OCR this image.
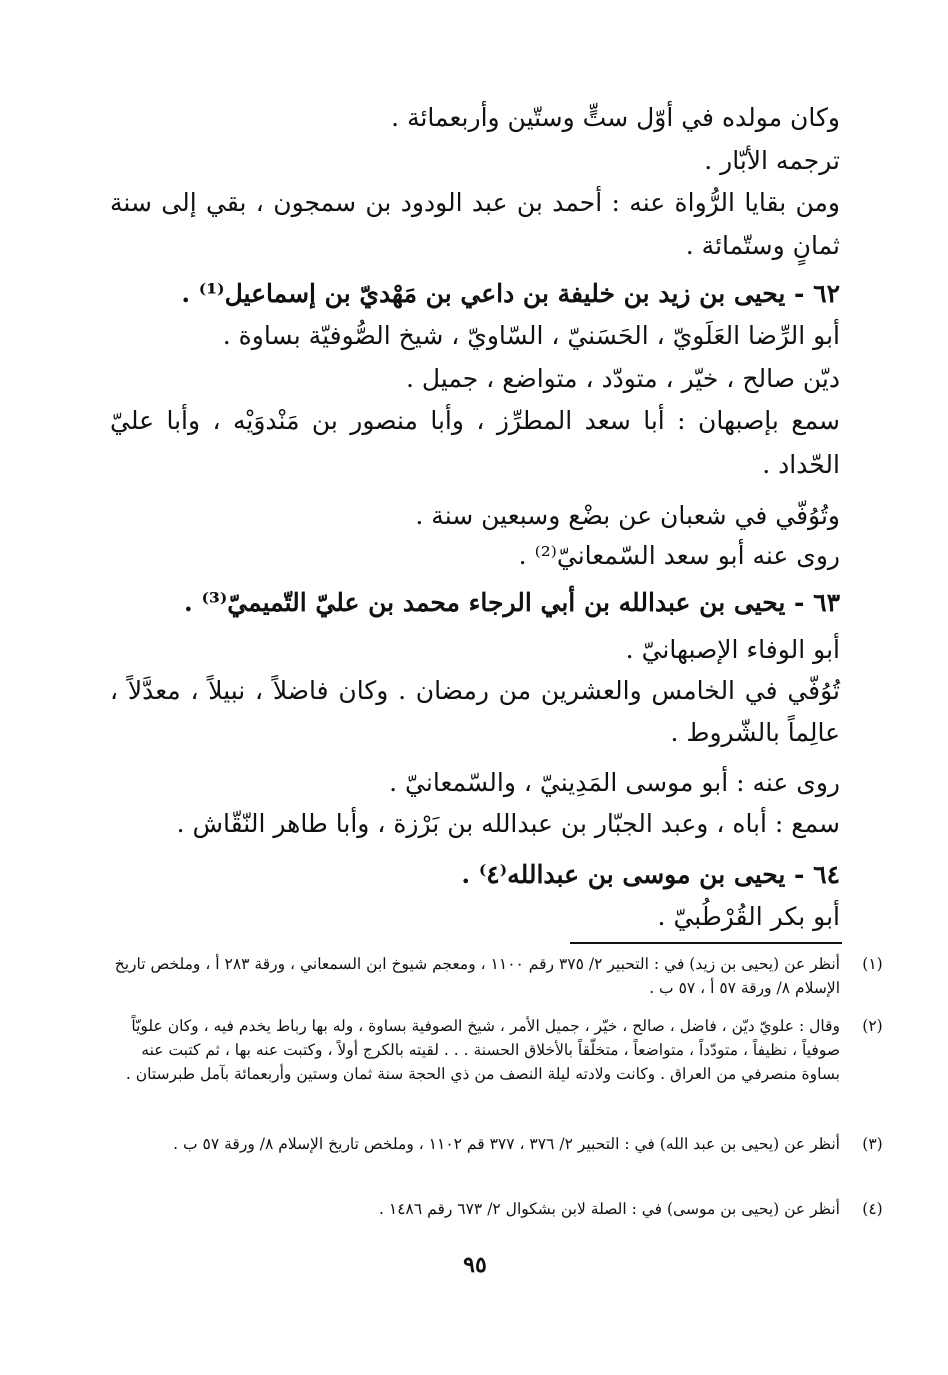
وكان مولده في أوّل ستٍّ وستّين وأربعمائة .
ترجمه الأبّار .
ومن بقايا الرُّواة عنه : أحمد بن عبد الودود بن سمجون ، بقي إلى سنة
ثمانٍ وستّمائة .
٦٢ - يحيى بن زيد بن خليفة بن داعي بن مَهْديّ بن إسماعيل⁽¹⁾ .
أبو الرِّضا العَلَويّ ، الحَسَنيّ ، السّاويّ ، شيخ الصُّوفيّة بساوة .
ديّن صالح ، خيّر ، متودّد ، متواضع ، جميل .
سمع بإصبهان : أبا سعد المطرِّز ، وأبا منصور بن مَنْدوَيْه ، وأبا عليّ
الحّداد .
وتُوُفّي في شعبان عن بضْع وسبعين سنة .
روى عنه أبو سعد السّمعانيّ⁽²⁾ .
٦٣ - يحيى بن عبدالله بن أبي الرجاء محمد بن عليّ التّميميّ⁽³⁾ .
أبو الوفاء الإصبهانيّ .
تُوُفّي في الخامس والعشرين من رمضان . وكان فاضلاً ، نبيلاً ، معدَّلاً ،
عالِماً بالشّروط .
روى عنه : أبو موسى المَدِينيّ ، والسّمعانيّ .
سمع : أباه ، وعبد الجبّار بن عبدالله بن بَرْزة ، وأبا طاهر النّقّاش .
٦٤ - يحيى بن موسى بن عبدالله⁽٤⁾ .
أبو بكر القُرْطُبيّ .
(١)
أنظر عن (يحيى بن زيد) في : التحبير ٢/ ٣٧٥ رقم ١١٠٠ ، ومعجم شيوخ ابن السمعاني ، ورقة ٢٨٣ أ ، وملخص تاريخ الإسلام ٨/ ورقة ٥٧ أ ، ٥٧ ب .
(٢)
وقال : علويّ ديّن ، فاضل ، صالح ، خيّر ، جميل الأمر ، شيخ الصوفية بساوة ، وله بها رباط يخدم فيه ، وكان علويّاً صوفياً ، نظيفاً ، متودّداً ، متواضعاً ، متخلّقاً بالأخلاق الحسنة . . . لقيته بالكرج أولاً ، وكتبت عنه بها ، ثم كتبت عنه بساوة منصرفي من العراق . وكانت ولادته ليلة النصف من ذي الحجة سنة ثمان وستين وأربعمائة بآمل طبرستان .
(٣)
أنظر عن (يحيى بن عبد الله) في : التحبير ٢/ ٣٧٦ ، ٣٧٧ قم ١١٠٢ ، وملخص تاريخ الإسلام ٨/ ورقة ٥٧ ب .
(٤)
أنظر عن (يحيى بن موسى) في : الصلة لابن بشكوال ٢/ ٦٧٣ رقم ١٤٨٦ .
٩٥
